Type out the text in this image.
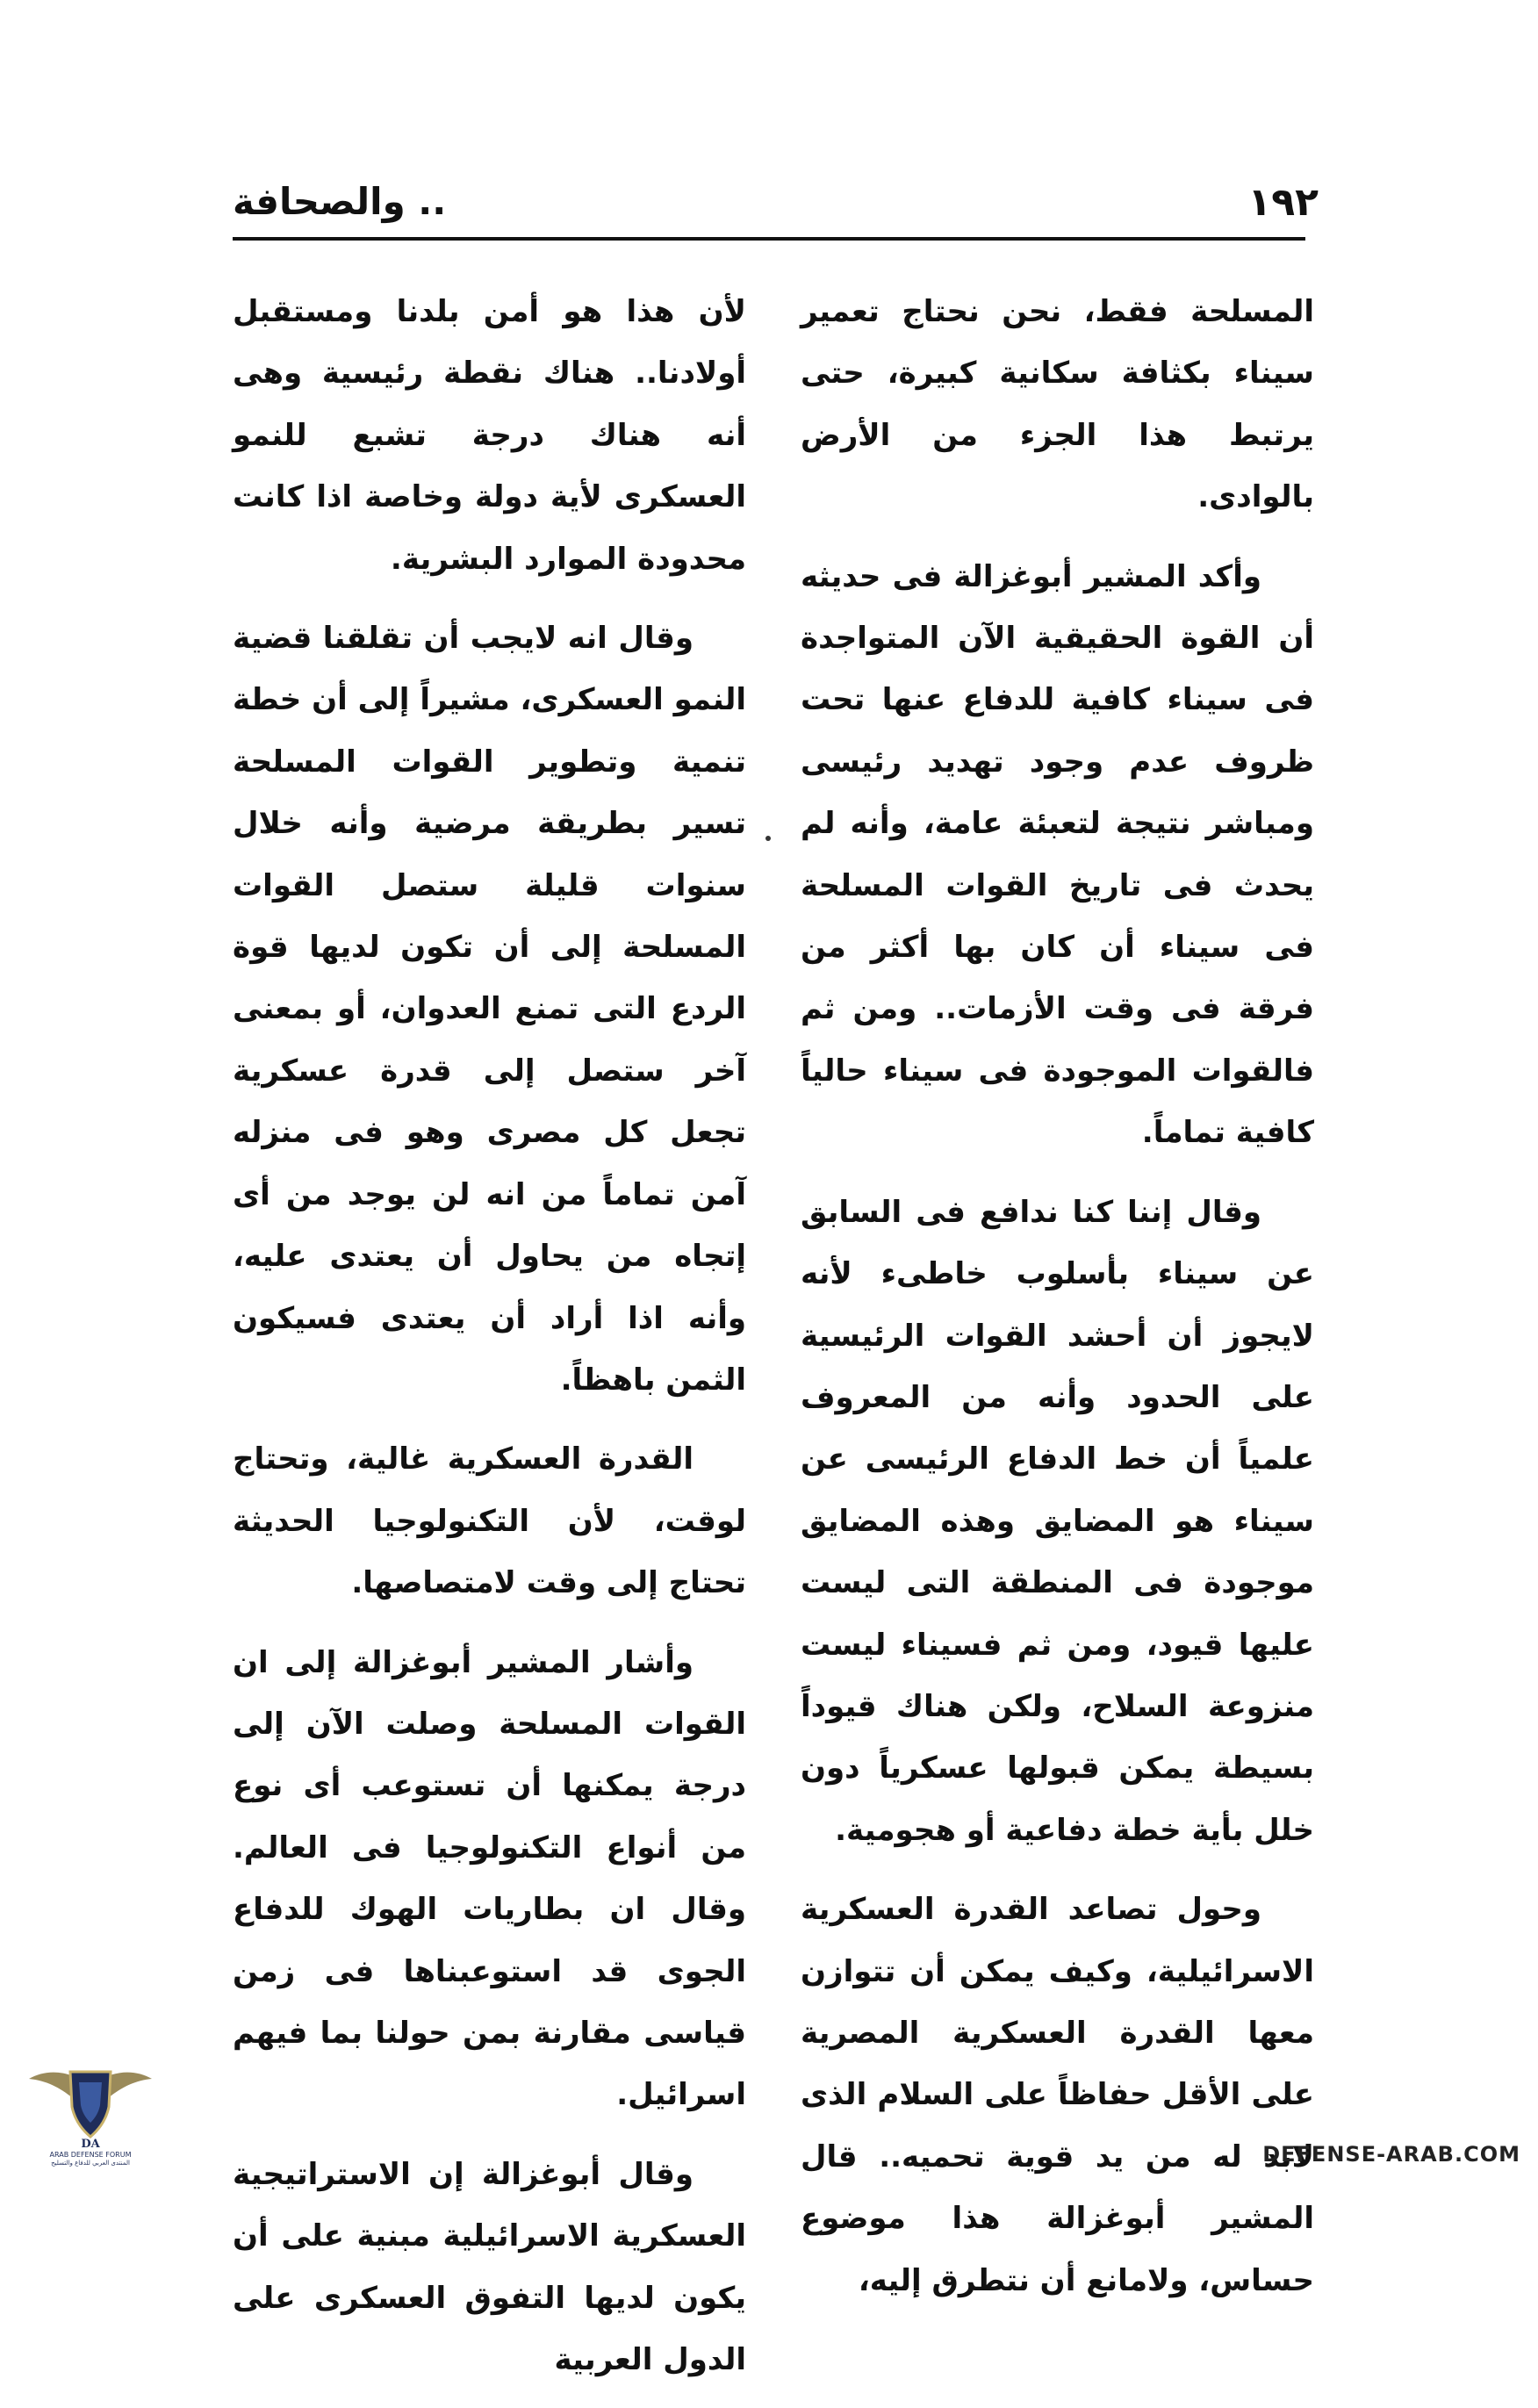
١٩٢
.. والصحافة

المسلحة فقط، نحن نحتاج تعمير سيناء بكثافة سكانية كبيرة، حتى يرتبط هذا الجزء من الأرض بالوادى.

وأكد المشير أبوغزالة فى حديثه أن القوة الحقيقية الآن المتواجدة فى سيناء كافية للدفاع عنها تحت ظروف عدم وجود تهديد رئيسى ومباشر نتيجة لتعبئة عامة، وأنه لم يحدث فى تاريخ القوات المسلحة فى سيناء أن كان بها أكثر من فرقة فى وقت الأزمات.. ومن ثم فالقوات الموجودة فى سيناء حالياً كافية تماماً.

وقال إننا كنا ندافع فى السابق عن سيناء بأسلوب خاطىء لأنه لايجوز أن أحشد القوات الرئيسية على الحدود وأنه من المعروف علمياً أن خط الدفاع الرئيسى عن سيناء هو المضايق وهذه المضايق موجودة فى المنطقة التى ليست عليها قيود، ومن ثم فسيناء ليست منزوعة السلاح، ولكن هناك قيوداً بسيطة يمكن قبولها عسكرياً دون خلل بأية خطة دفاعية أو هجومية.

وحول تصاعد القدرة العسكرية الاسرائيلية، وكيف يمكن أن تتوازن معها القدرة العسكرية المصرية على الأقل حفاظاً على السلام الذى لابد له من يد قوية تحميه.. قال المشير أبوغزالة هذا موضوع حساس، ولامانع أن نتطرق إليه،

لأن هذا هو أمن بلدنا ومستقبل أولادنا.. هناك نقطة رئيسية وهى أنه هناك درجة تشبع للنمو العسكرى لأية دولة وخاصة اذا كانت محدودة الموارد البشرية.

وقال انه لايجب أن تقلقنا قضية النمو العسكرى، مشيراً إلى أن خطة تنمية وتطوير القوات المسلحة تسير بطريقة مرضية وأنه خلال سنوات قليلة ستصل القوات المسلحة إلى أن تكون لديها قوة الردع التى تمنع العدوان، أو بمعنى آخر ستصل إلى قدرة عسكرية تجعل كل مصرى وهو فى منزله آمن تماماً من انه لن يوجد من أى إتجاه من يحاول أن يعتدى عليه، وأنه اذا أراد أن يعتدى فسيكون الثمن باهظاً.

القدرة العسكرية غالية، وتحتاج لوقت، لأن التكنولوجيا الحديثة تحتاج إلى وقت لامتصاصها.

وأشار المشير أبوغزالة إلى ان القوات المسلحة وصلت الآن إلى درجة يمكنها أن تستوعب أى نوع من أنواع التكنولوجيا فى العالم. وقال ان بطاريات الهوك للدفاع الجوى قد استوعبناها فى زمن قياسى مقارنة بمن حولنا بما فيهم اسرائيل.

وقال أبوغزالة إن الاستراتيجية العسكرية الاسرائيلية مبنية على أن يكون لديها التفوق العسكرى على الدول العربية

DA
ARAB DEFENSE FORUM
المنتدى العربي للدفاع والتسليح	DEFENSE-ARAB.COM
